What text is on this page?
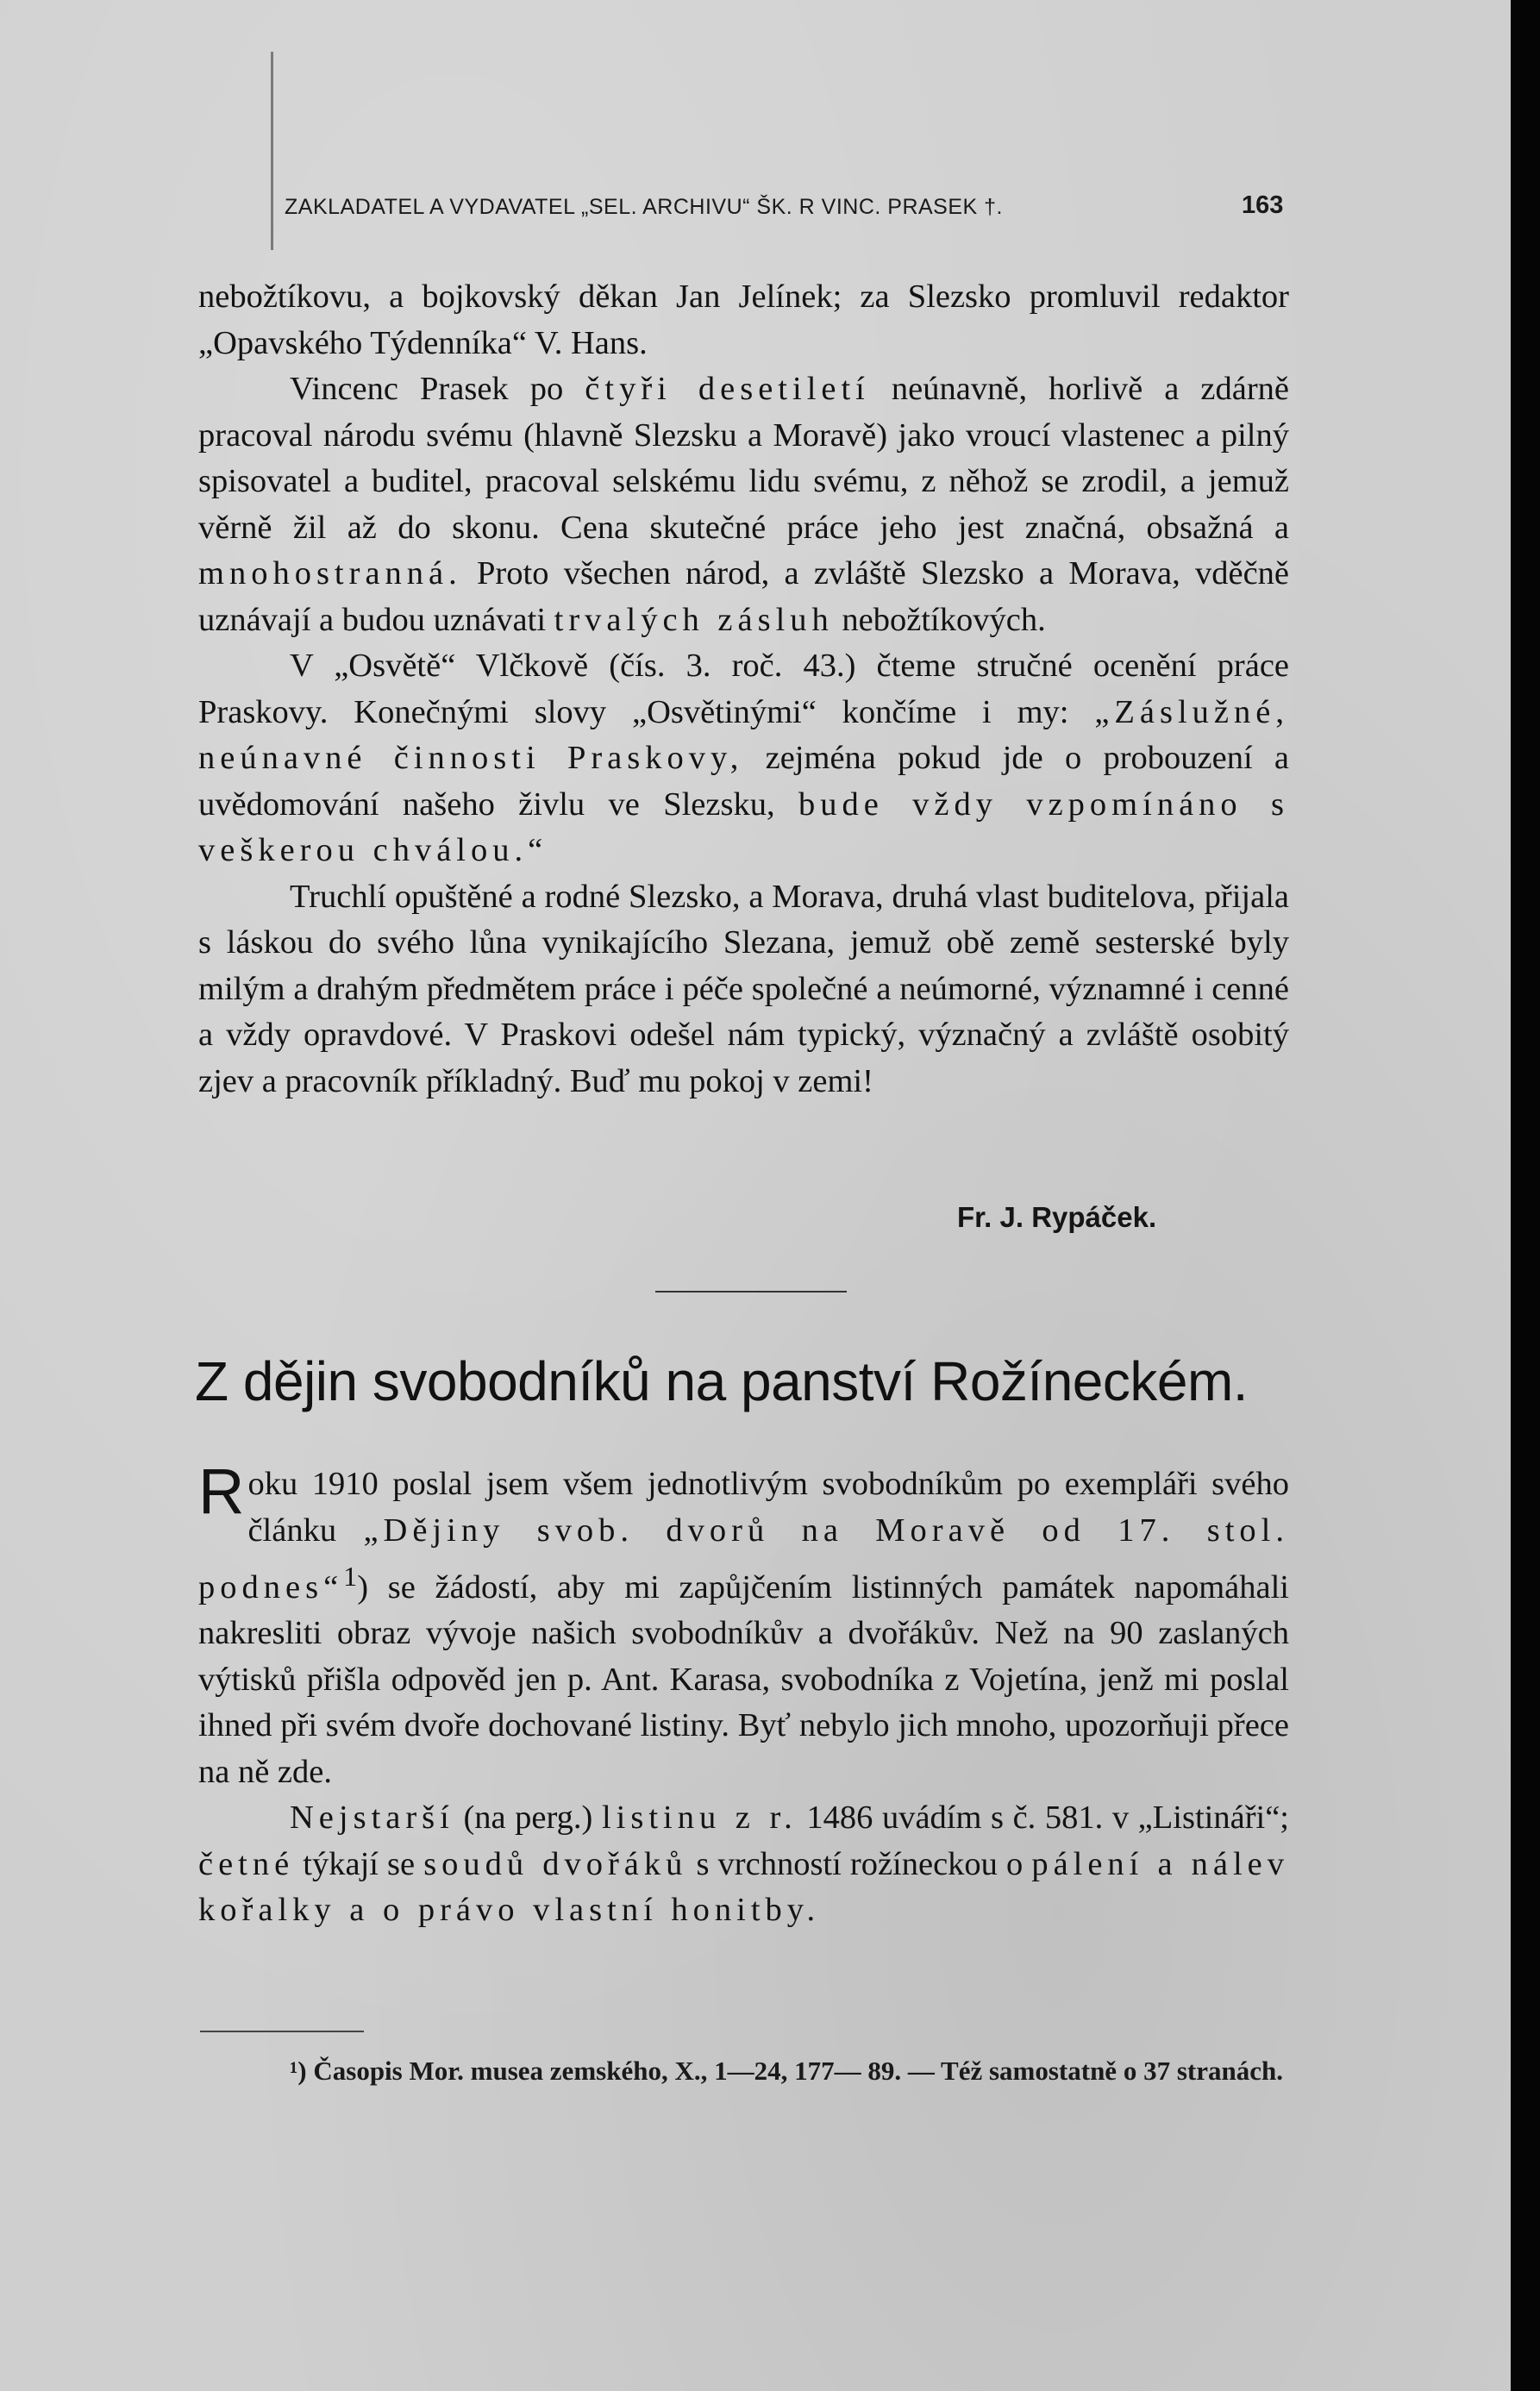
ZAKLADATEL A VYDAVATEL „SEL. ARCHIVU“ ŠK. R VINC. PRASEK †.	163

nebožtíkovu, a bojkovský děkan Jan Jelínek; za Slezsko promluvil redaktor „Opavského Týdenníka“ V. Hans.

Vincenc Prasek po čtyři desetiletí neúnavně, horlivě a zdárně pracoval národu svému (hlavně Slezsku a Moravě) jako vroucí vlastenec a pilný spisovatel a buditel, pracoval selskému lidu svému, z něhož se zrodil, a jemuž věrně žil až do skonu. Cena skutečné práce jeho jest značná, obsažná a mnohostranná. Proto všechen národ, a zvláště Slezsko a Morava, vděčně uznávají a budou uznávati trvalých zásluh nebožtíkových.

V „Osvětě“ Vlčkově (čís. 3. roč. 43.) čteme stručné ocenění práce Praskovy. Konečnými slovy „Osvětinými“ končíme i my: „Záslužné, neúnavné činnosti Praskovy, zejména pokud jde o probouzení a uvědomování našeho živlu ve Slezsku, bude vždy vzpomínáno s veškerou chválou.“

Truchlí opuštěné a rodné Slezsko, a Morava, druhá vlast buditelova, přijala s láskou do svého lůna vynikajícího Slezana, jemuž obě země sesterské byly milým a drahým předmětem práce i péče společné a neúmorné, významné i cenné a vždy opravdové. V Praskovi odešel nám typický, význačný a zvláště osobitý zjev a pracovník příkladný. Buď mu pokoj v zemi!

Fr. J. Rypáček.
Z dějin svobodníků na panství Rožíneckém.

Roku 1910 poslal jsem všem jednotlivým svobodníkům po exempláři svého článku „Dějiny svob. dvorů na Moravě od 17. stol. podnes“$^1$) se žádostí, aby mi zapůjčením listinných památek napomáhali nakresliti obraz vývoje našich svobodníkův a dvořákův. Než na 90 zaslaných výtisků přišla odpověd jen p. Ant. Karasa, svobodníka z Vojetína, jenž mi poslal ihned při svém dvoře dochované listiny. Byť nebylo jich mnoho, upozorňuji přece na ně zde.

Nejstarší (na perg.) listinu z r. 1486 uvádím s č. 581. v „Listináři“; četné týkají se soudů dvořáků s vrchností rožíneckou o pálení a nálev kořalky a o právo vlastní honitby.

¹) Časopis Mor. musea zemského, X., 1—24, 177— 89. — Též samostatně o 37 stranách.
